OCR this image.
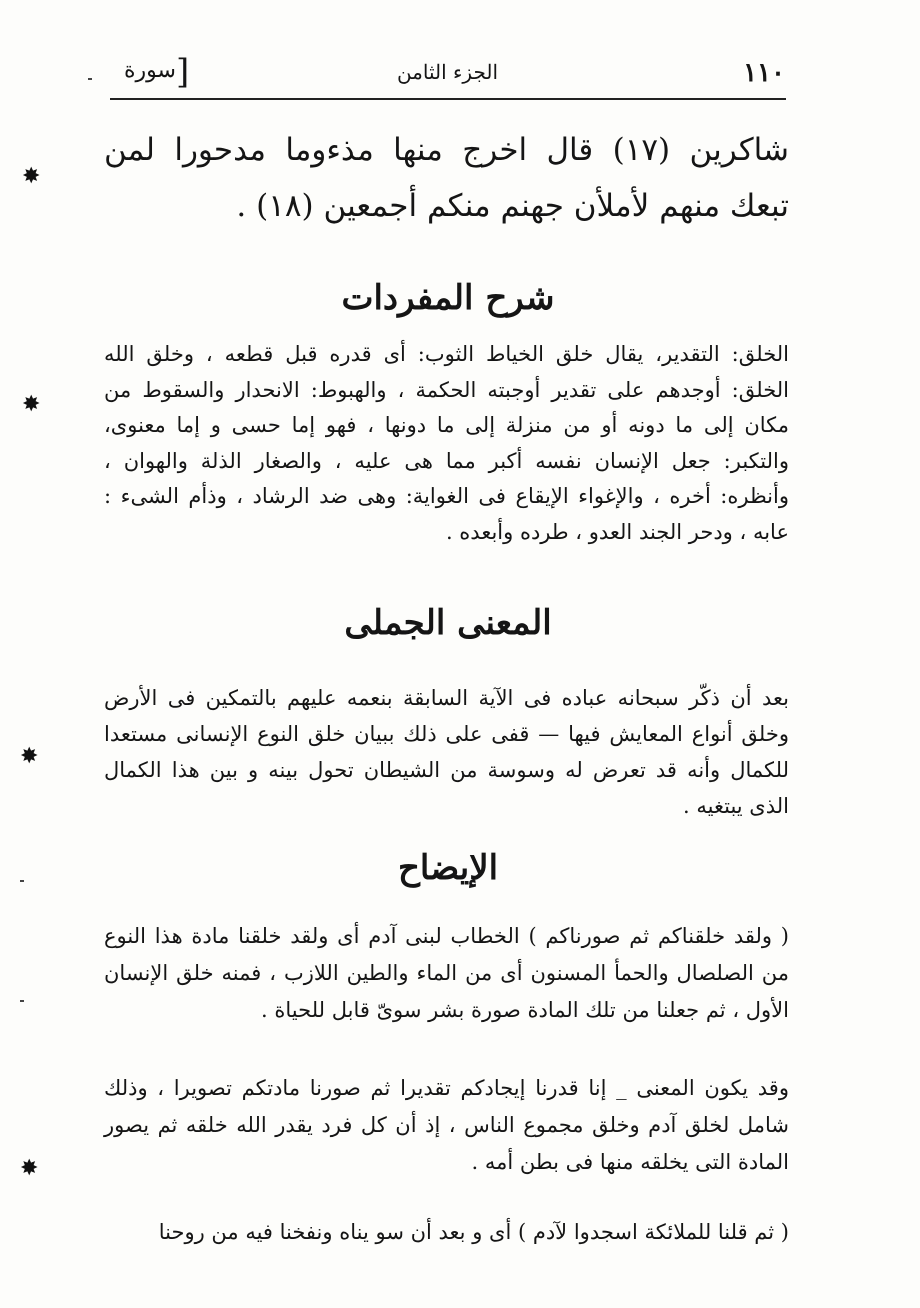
١١٠
الجزء الثامن
[
سورة
شاكرين (١٧) قال اخرج منها مذءوما مدحورا لمن تبعك منهم لأملأن جهنم منكم أجمعين (١٨) .
شرح المفردات
الخلق: التقدير، يقال خلق الخياط الثوب: أى قدره قبل قطعه ، وخلق الله الخلق: أوجدهم على تقدير أوجبته الحكمة ، والهبوط: الانحدار والسقوط من مكان إلى ما دونه أو من منزلة إلى ما دونها ، فهو إما حسى و إما معنوى، والتكبر: جعل الإنسان نفسه أكبر مما هى عليه ، والصغار الذلة والهوان ، وأنظره: أخره ، والإغواء الإيقاع فى الغواية: وهى ضد الرشاد ، وذأم الشىء : عابه ، ودحر الجند العدو ، طرده وأبعده .
المعنى الجملى
بعد أن ذكّر سبحانه عباده فى الآية السابقة بنعمه عليهم بالتمكين فى الأرض وخلق أنواع المعايش فيها — قفى على ذلك ببيان خلق النوع الإنسانى مستعدا للكمال وأنه قد تعرض له وسوسة من الشيطان تحول بينه و بين هذا الكمال الذى يبتغيه .
الإيضاح
( ولقد خلقناكم ثم صورناكم ) الخطاب لبنى آدم أى ولقد خلقنا مادة هذا النوع من الصلصال والحمأ المسنون أى من الماء والطين اللازب ، فمنه خلق الإنسان الأول ، ثم جعلنا من تلك المادة صورة بشر سوىّ قابل للحياة .
وقد يكون المعنى _ إنا قدرنا إيجادكم تقديرا ثم صورنا مادتكم تصويرا ، وذلك شامل لخلق آدم وخلق مجموع الناس ، إذ أن كل فرد يقدر الله خلقه ثم يصور المادة التى يخلقه منها فى بطن أمه .
( ثم قلنا للملائكة اسجدوا لآدم ) أى و بعد أن سو يناه ونفخنا فيه من روحنا
✸
✸
✸
✸
